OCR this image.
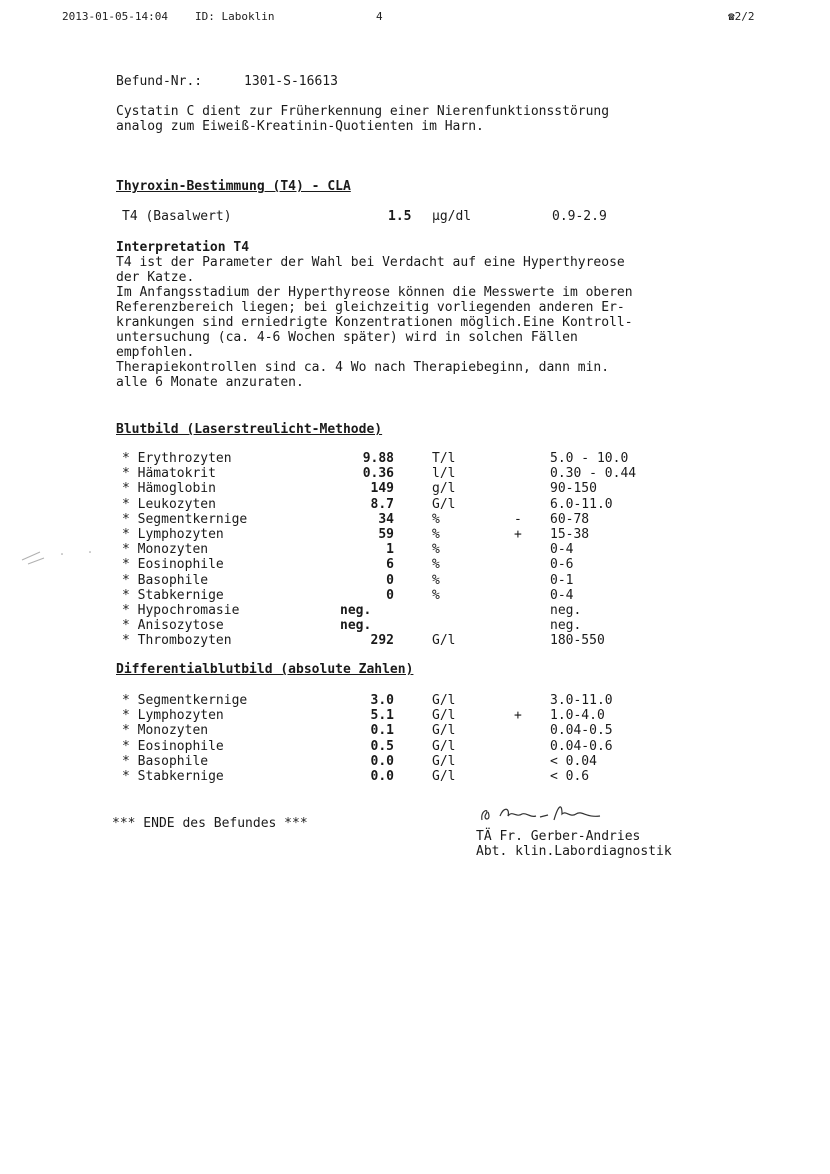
2013-01-05-14:04 ID: Laboklin	4	☎2/2
Befund-Nr.:	1301-S-16613
Cystatin C dient zur Früherkennung einer Nierenfunktionsstörung
analog zum Eiweiß-Kreatinin-Quotienten im Harn.
Thyroxin-Bestimmung (T4) - CLA
T4 (Basalwert)	1.5 µg/dl	0.9-2.9
Interpretation T4
T4 ist der Parameter der Wahl bei Verdacht auf eine Hyperthyreose
der Katze.
Im Anfangsstadium der Hyperthyreose können die Messwerte im oberen
Referenzbereich liegen; bei gleichzeitig vorliegenden anderen Er-
krankungen sind erniedrigte Konzentrationen möglich.Eine Kontroll-
untersuchung (ca. 4-6 Wochen später) wird in solchen Fällen
empfohlen.
Therapiekontrollen sind ca. 4 Wo nach Therapiebeginn, dann min.
alle 6 Monate anzuraten.
Blutbild (Laserstreulicht-Methode)
* Erythrozyten	9.88	T/l	5.0 - 10.0
* Hämatokrit	0.36	l/l	0.30 - 0.44
* Hämoglobin	149	g/l	90-150
* Leukozyten	8.7	G/l	6.0-11.0
* Segmentkernige	34	%	- 60-78
* Lymphozyten	59	%	+ 15-38
* Monozyten	1	%	0-4
* Eosinophile	6	%	0-6
* Basophile	0	%	0-1
* Stabkernige	0	%	0-4
* Hypochromasie	neg.	neg.
* Anisozytose	neg.	neg.
* Thrombozyten	292	G/l	180-550
Differentialblutbild (absolute Zahlen)
* Segmentkernige	3.0	G/l	3.0-11.0
* Lymphozyten	5.1	G/l	+ 1.0-4.0
* Monozyten	0.1	G/l	0.04-0.5
* Eosinophile	0.5	G/l	0.04-0.6
* Basophile	0.0	G/l	< 0.04
* Stabkernige	0.0	G/l	< 0.6
*** ENDE des Befundes ***
TÄ Fr. Gerber-Andries
Abt. klin.Labordiagnostik
